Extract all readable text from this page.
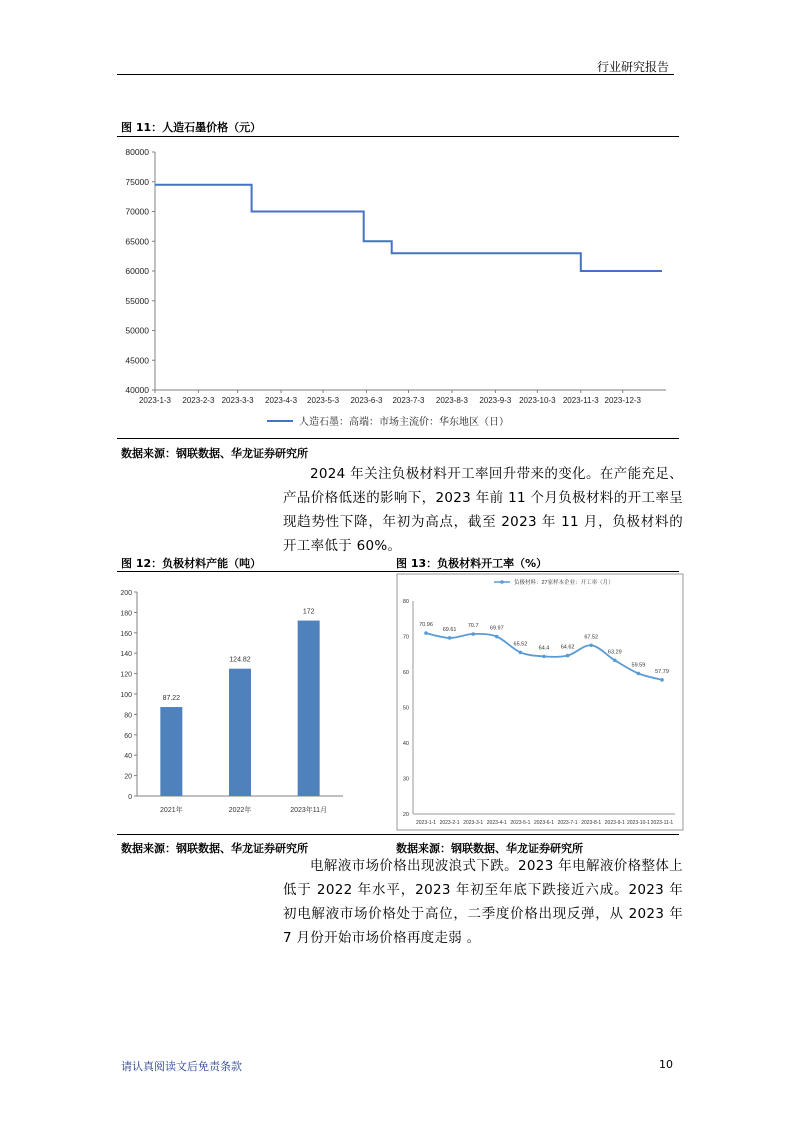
行业研究报告
图 11：人造石墨价格（元）
40000
45000
50000
55000
60000
65000
70000
75000
80000
2023-1-3 2023-2-3 2023-3-3 2023-4-3 2023-5-3 2023-6-3 2023-7-3 2023-8-3 2023-9-3 2023-10-3 2023-11-3 2023-12-3
人造石墨：高端：市场主流价：华东地区（日）
数据来源：钢联数据、华龙证券研究所

2024 年关注负极材料开工率回升带来的变化。在产能充足、产品价格低迷的影响下，2023 年前 11 个月负极材料的开工率呈现趋势性下降，年初为高点，截至 2023 年 11 月，负极材料的开工率低于 60%。

图 12：负极材料产能（吨）	图 13：负极材料开工率（%）
0
20
40
60
80
100
120
140
160
180
200
87.22
2021年
124.82
2022年
172
2023年11月
20
30
40
50
60
70
80
2023-1-1 2023-2-1 2023-3-1 2023-4-1 2023-5-1 2023-6-1 2023-7-1 2023-8-1 2023-9-1 2023-10-1 2023-11-1
70.96
69.61
70.7 69.97
65.52
64.4 64.62
67.52
63.29
59.59
57.79
负极材料：27家样本企业：开工率（月）
数据来源：钢联数据、华龙证券研究所	数据来源：钢联数据、华龙证券研究所

电解液市场价格出现波浪式下跌。2023 年电解液价格整体上低于 2022 年水平，2023 年初至年底下跌接近六成。2023 年初电解液市场价格处于高位，二季度价格出现反弹，从 2023 年 7 月份开始市场价格再度走弱 。

请认真阅读文后免责条款	10
